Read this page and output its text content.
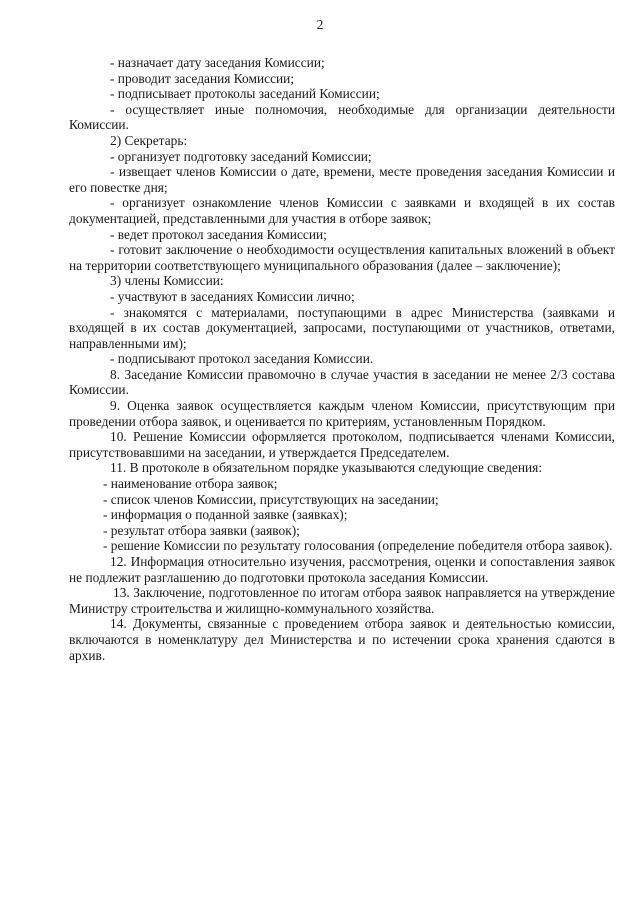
2

- назначает дату заседания Комиссии;

- проводит заседания Комиссии;

- подписывает протоколы заседаний Комиссии;

- осуществляет иные полномочия, необходимые для организации деятельности Комиссии.

2) Секретарь:

- организует подготовку заседаний Комиссии;

- извещает членов Комиссии о дате, времени, месте проведения заседания Комиссии и его повестке дня;

- организует ознакомление членов Комиссии с заявками и входящей в их состав документацией, представленными для участия в отборе заявок;

- ведет протокол заседания Комиссии;

- готовит заключение о необходимости осуществления капитальных вложений в объект на территории соответствующего муниципального образования (далее – заключение);

3) члены Комиссии:

- участвуют в заседаниях Комиссии лично;

- знакомятся с материалами, поступающими в адрес Министерства (заявками и входящей в их состав документацией, запросами, поступающими от участников, ответами, направленными им);

- подписывают протокол заседания Комиссии.

8. Заседание Комиссии правомочно в случае участия в заседании не менее 2/3 состава Комиссии.

9. Оценка заявок осуществляется каждым членом Комиссии, присутствующим при проведении отбора заявок, и оценивается по критериям, установленным Порядком.

10. Решение Комиссии оформляется протоколом, подписывается членами Комиссии, присутствовавшими на заседании, и утверждается Председателем.

11. В протоколе в обязательном порядке указываются следующие сведения:

- наименование отбора заявок;

- список членов Комиссии, присутствующих на заседании;

- информация о поданной заявке (заявках);

- результат отбора заявки (заявок);

- решение Комиссии по результату голосования (определение победителя отбора заявок).

12. Информация относительно изучения, рассмотрения, оценки и сопоставления заявок не подлежит разглашению до подготовки протокола заседания Комиссии.

13. Заключение, подготовленное по итогам отбора заявок направляется на утверждение Министру строительства и жилищно-коммунального хозяйства.

14. Документы, связанные с проведением отбора заявок и деятельностью комиссии, включаются в номенклатуру дел Министерства и по истечении срока хранения сдаются в архив.
